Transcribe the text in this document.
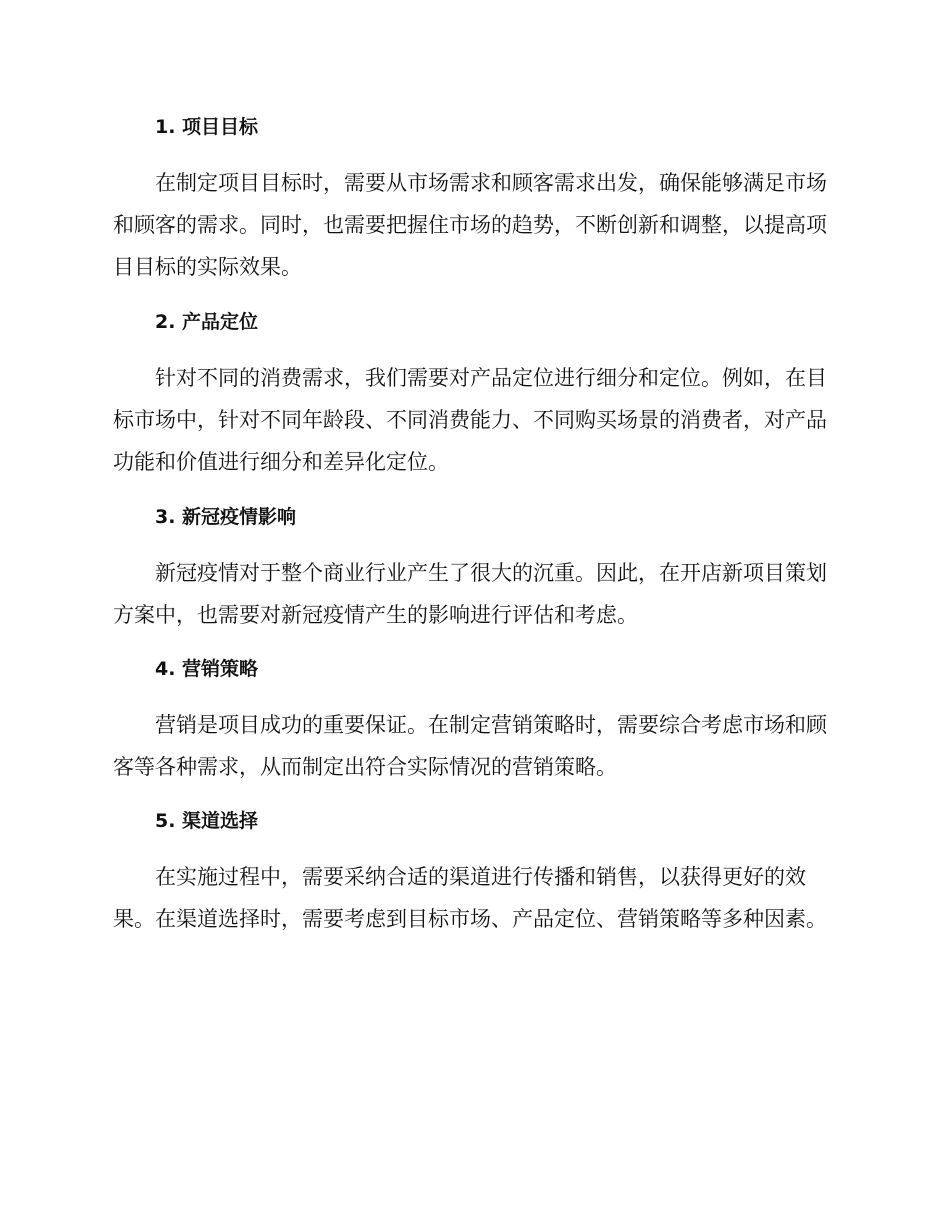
1. 项目目标

在制定项目目标时，需要从市场需求和顾客需求出发，确保能够满足市场和顾客的需求。同时，也需要把握住市场的趋势，不断创新和调整，以提高项目目标的实际效果。

2. 产品定位

针对不同的消费需求，我们需要对产品定位进行细分和定位。例如，在目标市场中，针对不同年龄段、不同消费能力、不同购买场景的消费者，对产品功能和价值进行细分和差异化定位。

3. 新冠疫情影响

新冠疫情对于整个商业行业产生了很大的沉重。因此，在开店新项目策划方案中，也需要对新冠疫情产生的影响进行评估和考虑。

4. 营销策略

营销是项目成功的重要保证。在制定营销策略时，需要综合考虑市场和顾客等各种需求，从而制定出符合实际情况的营销策略。

5. 渠道选择

在实施过程中，需要采纳合适的渠道进行传播和销售，以获得更好的效果。在渠道选择时，需要考虑到目标市场、产品定位、营销策略等多种因素。
